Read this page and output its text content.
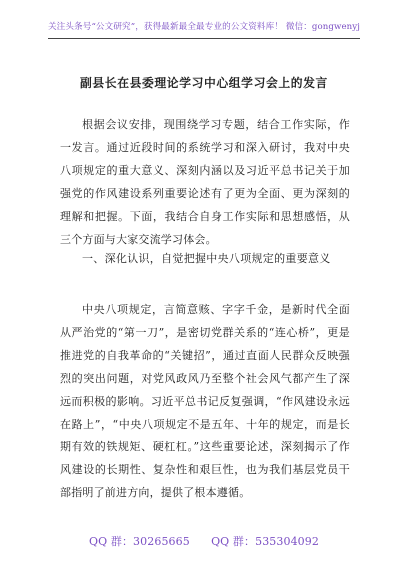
关注头条号“公文研究”，获得最新最全最专业的公文资料库！ 微信：gongwenyj
副县长在县委理论学习中心组学习会上的发言

根据会议安排，现围绕学习专题，结合工作实际，作一发言。通过近段时间的系统学习和深入研讨，我对中央八项规定的重大意义、深刻内涵以及习近平总书记关于加强党的作风建设系列重要论述有了更为全面、更为深刻的理解和把握。下面，我结合自身工作实际和思想感悟，从三个方面与大家交流学习体会。

一、深化认识，自觉把握中央八项规定的重要意义

中央八项规定，言简意赅、字字千金，是新时代全面从严治党的“第一刀”，是密切党群关系的“连心桥”，更是推进党的自我革命的“关键招”，通过直面人民群众反映强烈的突出问题，对党风政风乃至整个社会风气都产生了深远而积极的影响。习近平总书记反复强调，“作风建设永远在路上”，“中央八项规定不是五年、十年的规定，而是长期有效的铁规矩、硬杠杠。”这些重要论述，深刻揭示了作风建设的长期性、复杂性和艰巨性，也为我们基层党员干部指明了前进方向，提供了根本遵循。

QQ 群：30265665 QQ 群：535304092
